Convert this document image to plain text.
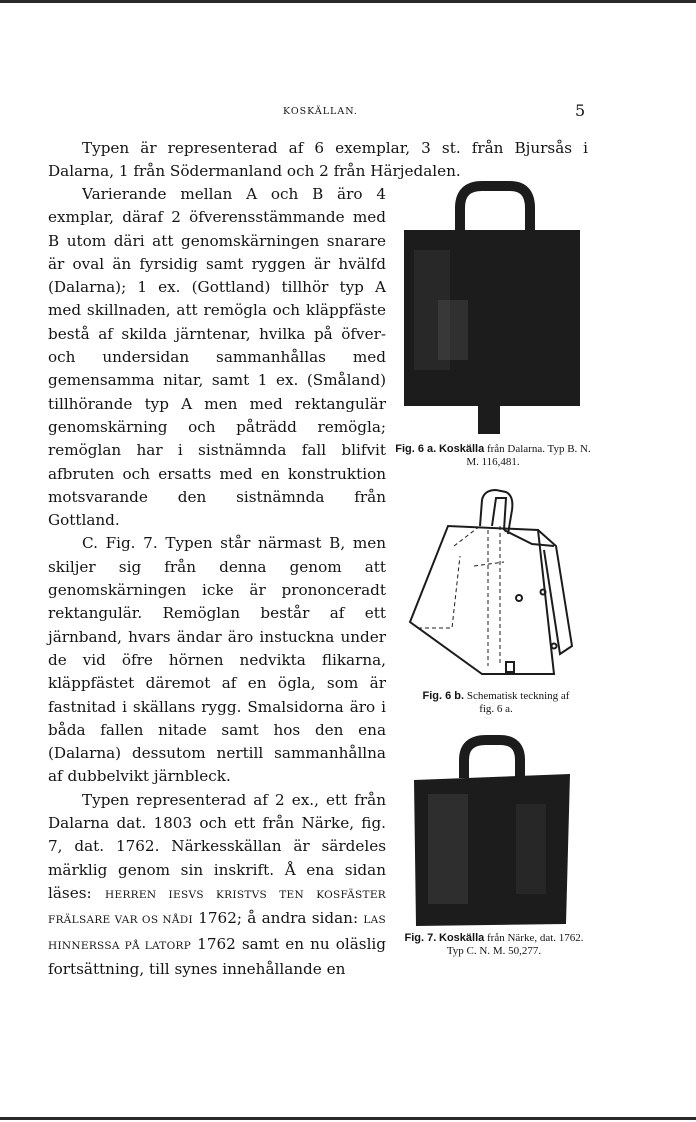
KOSKÄLLAN.	5

Typen är representerad af 6 exemplar, 3 st. från Bjursås i Dalarna, 1 från Södermanland och 2 från Härjedalen.

Varierande mellan A och B äro 4 exmplar, däraf 2 öfverensstämmande med B utom däri att genomskärningen snarare är oval än fyrsidig samt ryggen är hvälfd (Dalarna); 1 ex. (Gottland) tillhör typ A med skillnaden, att remögla och kläppfäste bestå af skilda järntenar, hvilka på öfver- och undersidan sammanhållas med gemensamma nitar, samt 1 ex. (Småland) tillhörande typ A men med rektangulär genomskärning och påträdd remögla; remöglan har i sistnämnda fall blifvit afbruten och ersatts med en konstruktion motsvarande den sistnämnda från Gottland.

C. Fig. 7. Typen står närmast B, men skiljer sig från denna genom att genomskärningen icke är prononceradt rektangulär. Remöglan består af ett järnband, hvars ändar äro instuckna under de vid öfre hörnen nedvikta flikarna, kläppfästet däremot af en ögla, som är fastnitad i skällans rygg. Smalsidorna äro i båda fallen nitade samt hos den ena (Dalarna) dessutom nertill sammanhållna af dubbelvikt järnbleck.

Typen representerad af 2 ex., ett från Dalarna dat. 1803 och ett från Närke, fig. 7, dat. 1762. Närkesskällan är särdeles märklig genom sin inskrift. Å ena sidan läses: HERREN IESVS KRISTVS TEN KOSFÄSTER FRÄLSARE VAR OS NÅDI 1762; å andra sidan: LAS HINNERSSA PÅ LATORP 1762 samt en nu oläslig fortsättning, till synes innehållande en

Fig. 6 a. Koskälla från Dalarna. Typ B. N. M. 116,481.
Fig. 6 b. Schematisk teckning af fig. 6 a.
Fig. 7. Koskälla från Närke, dat. 1762. Typ C. N. M. 50,277.
